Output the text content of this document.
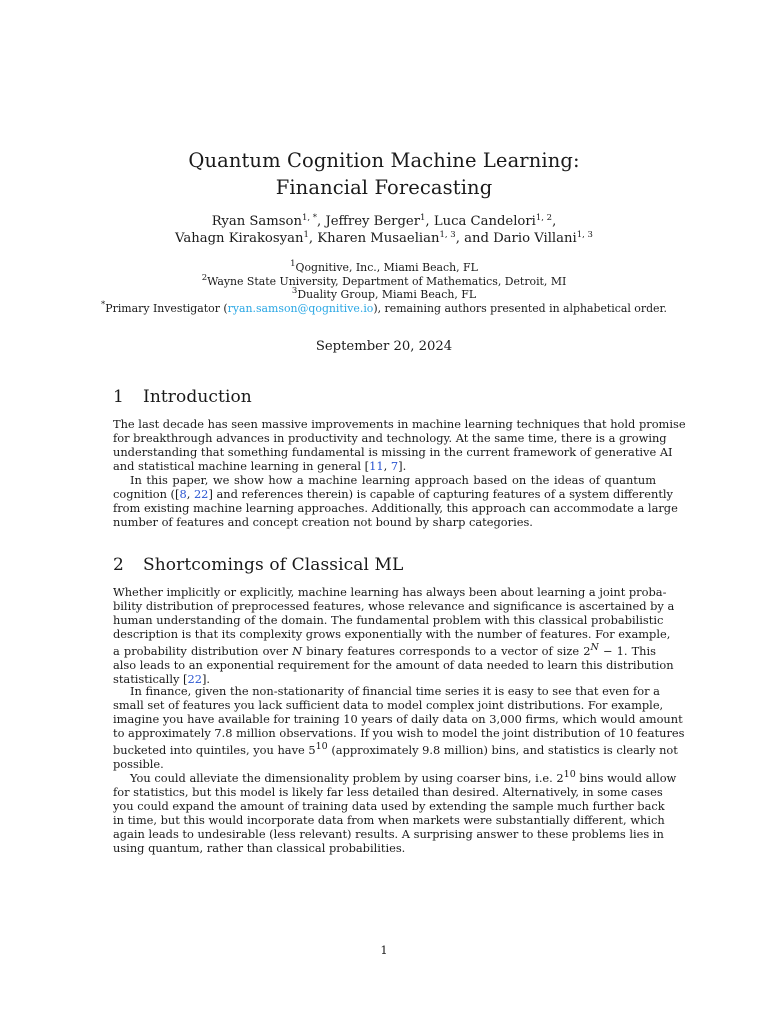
Quantum Cognition Machine Learning:
Financial Forecasting
Ryan Samson$^{1, *}$, Jeffrey Berger$^1$, Luca Candelori$^{1, 2}$,
Vahagn Kirakosyan$^1$, Kharen Musaelian$^{1, 3}$, and Dario Villani$^{1, 3}$
$^1$Qognitive, Inc., Miami Beach, FL
$^2$Wayne State University, Department of Mathematics, Detroit, MI
$^3$Duality Group, Miami Beach, FL
*Primary Investigator (ryan.samson@qognitive.io), remaining authors presented in alphabetical order.
September 20, 2024
1 Introduction
The last decade has seen massive improvements in machine learning techniques that hold promise
for breakthrough advances in productivity and technology. At the same time, there is a growing
understanding that something fundamental is missing in the current framework of generative AI
and statistical machine learning in general [11, 7].
In this paper, we show how a machine learning approach based on the ideas of quantum
cognition ([8, 22] and references therein) is capable of capturing features of a system differently
from existing machine learning approaches. Additionally, this approach can accommodate a large
number of features and concept creation not bound by sharp categories.
2 Shortcomings of Classical ML
Whether implicitly or explicitly, machine learning has always been about learning a joint proba-
bility distribution of preprocessed features, whose relevance and significance is ascertained by a
human understanding of the domain. The fundamental problem with this classical probabilistic
description is that its complexity grows exponentially with the number of features. For example,
a probability distribution over N binary features corresponds to a vector of size $2^N - 1$. This
also leads to an exponential requirement for the amount of data needed to learn this distribution
statistically [22].
In finance, given the non-stationarity of financial time series it is easy to see that even for a
small set of features you lack sufficient data to model complex joint distributions. For example,
imagine you have available for training 10 years of daily data on 3,000 firms, which would amount
to approximately 7.8 million observations. If you wish to model the joint distribution of 10 features
bucketed into quintiles, you have $5^{10}$ (approximately 9.8 million) bins, and statistics is clearly not
possible.
You could alleviate the dimensionality problem by using coarser bins, i.e. $2^{10}$ bins would allow
for statistics, but this model is likely far less detailed than desired. Alternatively, in some cases
you could expand the amount of training data used by extending the sample much further back
in time, but this would incorporate data from when markets were substantially different, which
again leads to undesirable (less relevant) results. A surprising answer to these problems lies in
using quantum, rather than classical probabilities.
1
